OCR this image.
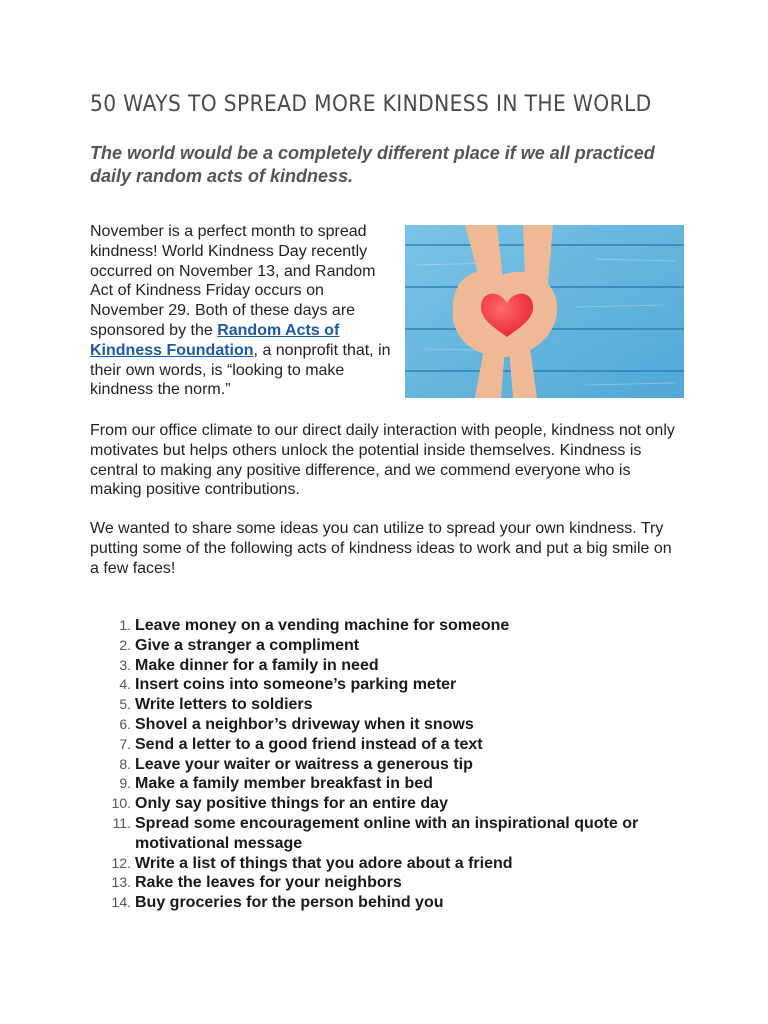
50 WAYS TO SPREAD MORE KINDNESS IN THE WORLD

The world would be a completely different place if we all practiced daily random acts of kindness.

November is a perfect month to spread kindness! World Kindness Day recently occurred on November 13, and Random Act of Kindness Friday occurs on November 29. Both of these days are sponsored by the Random Acts of Kindness Foundation, a nonprofit that, in their own words, is “looking to make kindness the norm.”

From our office climate to our direct daily interaction with people, kindness not only motivates but helps others unlock the potential inside themselves. Kindness is central to making any positive difference, and we commend everyone who is making positive contributions.

We wanted to share some ideas you can utilize to spread your own kindness. Try putting some of the following acts of kindness ideas to work and put a big smile on a few faces!

1. Leave money on a vending machine for someone
2. Give a stranger a compliment
3. Make dinner for a family in need
4. Insert coins into someone’s parking meter
5. Write letters to soldiers
6. Shovel a neighbor’s driveway when it snows
7. Send a letter to a good friend instead of a text
8. Leave your waiter or waitress a generous tip
9. Make a family member breakfast in bed
10. Only say positive things for an entire day
11. Spread some encouragement online with an inspirational quote or motivational message
12. Write a list of things that you adore about a friend
13. Rake the leaves for your neighbors
14. Buy groceries for the person behind you
